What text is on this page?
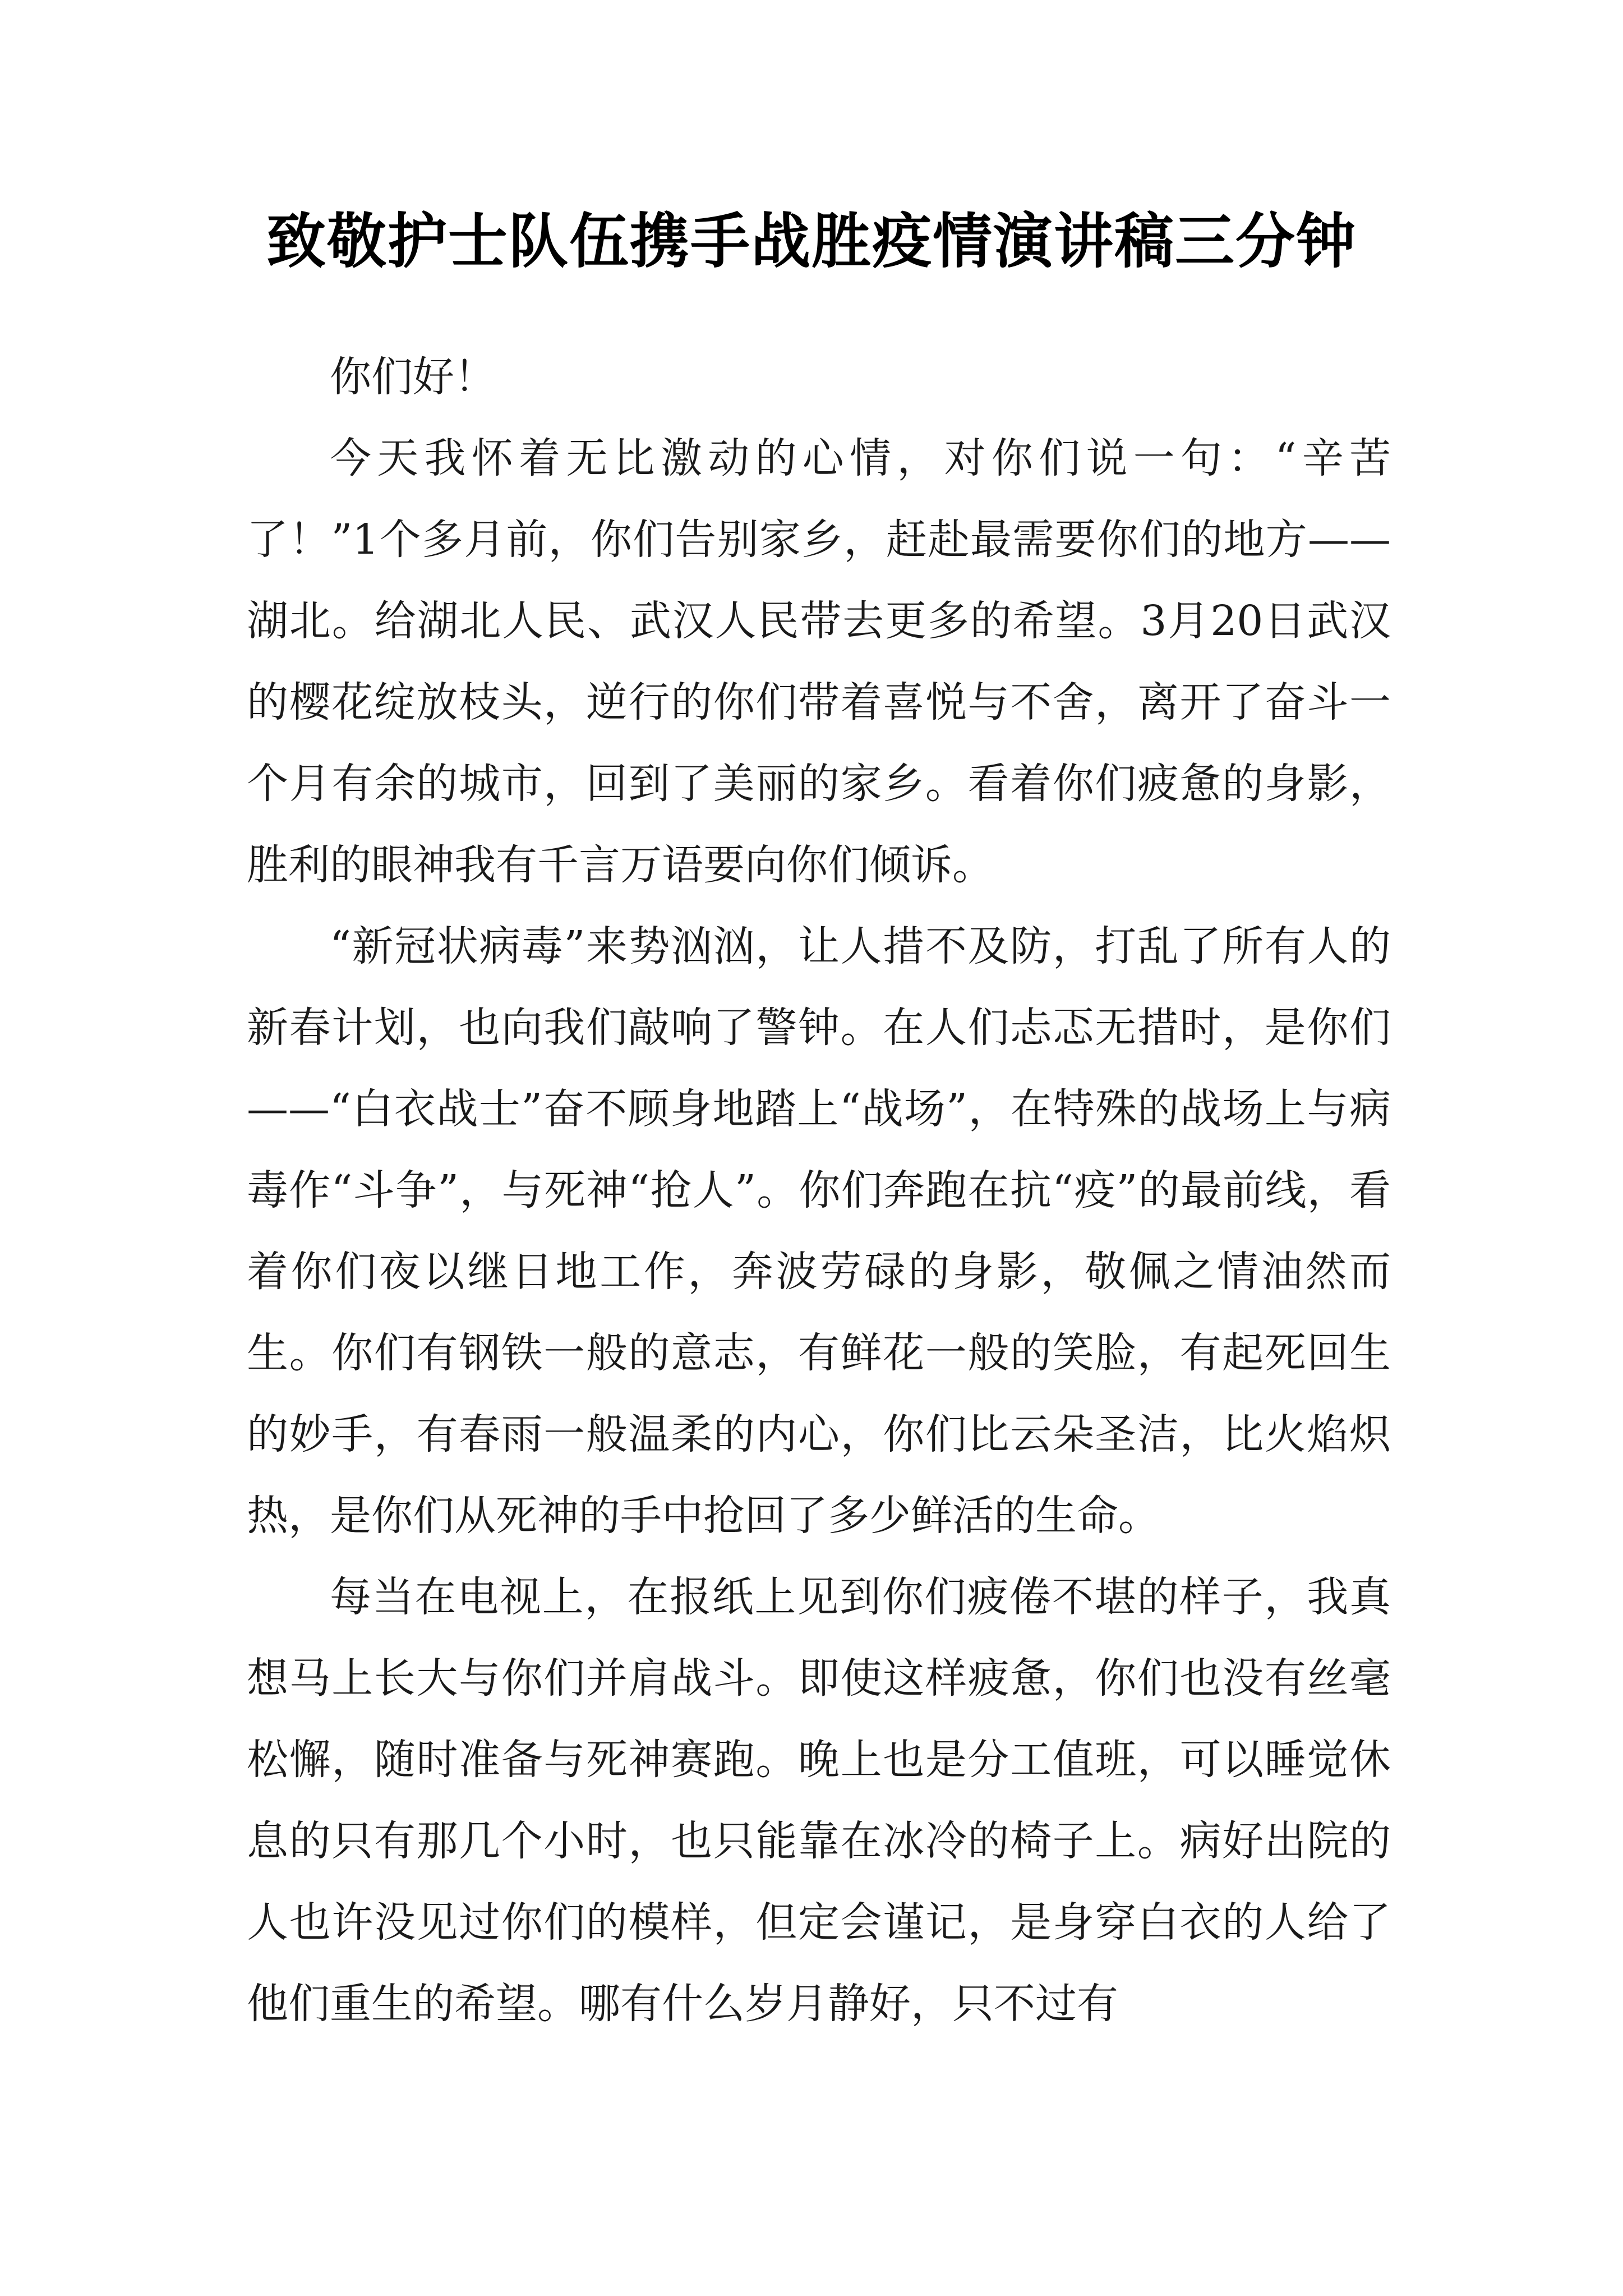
致敬护士队伍携手战胜疫情演讲稿三分钟

你们好！

今天我怀着无比激动的心情，对你们说一句：“辛苦了！”1个多月前，你们告别家乡，赶赴最需要你们的地方——湖北。给湖北人民、武汉人民带去更多的希望。3月20日武汉的樱花绽放枝头，逆行的你们带着喜悦与不舍，离开了奋斗一个月有余的城市，回到了美丽的家乡。看着你们疲惫的身影，胜利的眼神我有千言万语要向你们倾诉。

“新冠状病毒”来势汹汹，让人措不及防，打乱了所有人的新春计划，也向我们敲响了警钟。在人们忐忑无措时，是你们——“白衣战士”奋不顾身地踏上“战场”，在特殊的战场上与病毒作“斗争”，与死神“抢人”。你们奔跑在抗“疫”的最前线，看着你们夜以继日地工作，奔波劳碌的身影，敬佩之情油然而生。你们有钢铁一般的意志，有鲜花一般的笑脸，有起死回生的妙手，有春雨一般温柔的内心，你们比云朵圣洁，比火焰炽热，是你们从死神的手中抢回了多少鲜活的生命。

每当在电视上，在报纸上见到你们疲倦不堪的样子，我真想马上长大与你们并肩战斗。即使这样疲惫，你们也没有丝毫松懈，随时准备与死神赛跑。晚上也是分工值班，可以睡觉休息的只有那几个小时，也只能靠在冰冷的椅子上。病好出院的人也许没见过你们的模样，但定会谨记，是身穿白衣的人给了他们重生的希望。哪有什么岁月静好，只不过有
